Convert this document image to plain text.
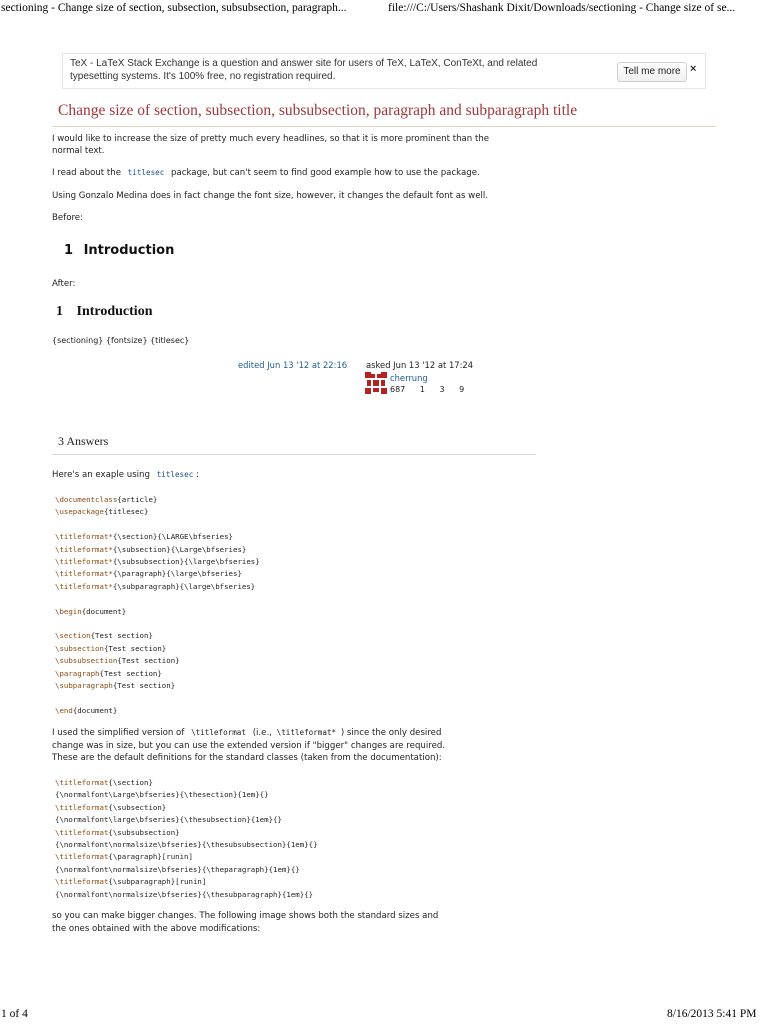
sectioning - Change size of section, subsection, subsubsection, paragraph...	file:///C:/Users/Shashank Dixit/Downloads/sectioning - Change size of se...
TeX - LaTeX Stack Exchange is a question and answer site for users of TeX, LaTeX, ConTeXt, and related typesetting systems. It's 100% free, no registration required.	Tell me more ×
Change size of section, subsection, subsubsection, paragraph and subparagraph title
I would like to increase the size of pretty much every headlines, so that it is more prominent than the
normal text.
I read about the titlesec package, but can't seem to find good example how to use the package.
Using Gonzalo Medina does in fact change the font size, however, it changes the default font as well.
Before:
1 Introduction
After:
1 Introduction
{sectioning} {fontsize} {titlesec}
edited Jun 13 '12 at 22:16 asked Jun 13 '12 at 17:24
cherrung
687 1 3 9
3 Answers
Here's an exaple using titlesec :
\documentclass{article}
\usepackage{titlesec}

\titleformat*{\section}{\LARGE\bfseries}
\titleformat*{\subsection}{\Large\bfseries}
\titleformat*{\subsubsection}{\large\bfseries}
\titleformat*{\paragraph}{\large\bfseries}
\titleformat*{\subparagraph}{\large\bfseries}

\begin{document}

\section{Test section}
\subsection{Test section}
\subsubsection{Test section}
\paragraph{Test section}
\subparagraph{Test section}

\end{document}
I used the simplified version of \titleformat (i.e., \titleformat* ) since the only desired
change was in size, but you can use the extended version if "bigger" changes are required.
These are the default definitions for the standard classes (taken from the documentation):
\titleformat{\section}
{\normalfont\Large\bfseries}{\thesection}{1em}{}
\titleformat{\subsection}
{\normalfont\large\bfseries}{\thesubsection}{1em}{}
\titleformat{\subsubsection}
{\normalfont\normalsize\bfseries}{\thesubsubsection}{1em}{}
\titleformat{\paragraph}[runin]
{\normalfont\normalsize\bfseries}{\theparagraph}{1em}{}
\titleformat{\subparagraph}[runin]
{\normalfont\normalsize\bfseries}{\thesubparagraph}{1em}{}
so you can make bigger changes. The following image shows both the standard sizes and
the ones obtained with the above modifications:
1 of 4	8/16/2013 5:41 PM
